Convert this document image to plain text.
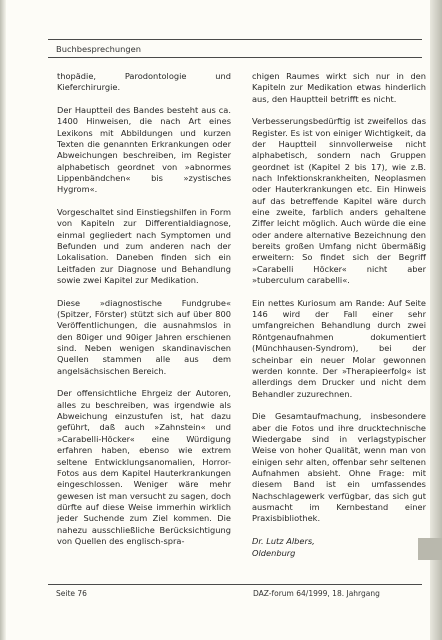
Buchbesprechungen

thopädie, Parodontologie und Kieferchirurgie.

Der Hauptteil des Bandes besteht aus ca. 1400 Hinweisen, die nach Art eines Lexikons mit Abbildungen und kurzen Texten die genannten Erkrankungen oder Abweichungen beschreiben, im Register alphabetisch geordnet von »abnormes Lippenbändchen« bis »zystisches Hygrom«.

Vorgeschaltet sind Einstiegshilfen in Form von Kapiteln zur Differentialdiagnose, einmal gegliedert nach Symptomen und Befunden und zum anderen nach der Lokalisation. Daneben finden sich ein Leitfaden zur Diagnose und Behandlung sowie zwei Kapitel zur Medikation.

Diese »diagnostische Fundgrube« (Spitzer, Förster) stützt sich auf über 800 Veröffentlichungen, die ausnahmslos in den 80iger und 90iger Jahren erschienen sind. Neben wenigen skandinavischen Quellen stammen alle aus dem angelsächsischen Bereich.

Der offensichtliche Ehrgeiz der Autoren, alles zu beschreiben, was irgendwie als Abweichung einzustufen ist, hat dazu geführt, daß auch »Zahnstein« und »Carabelli-Höcker« eine Würdigung erfahren haben, ebenso wie extrem seltene Entwicklungsanomalien, Horror-Fotos aus dem Kapitel Hauterkrankungen eingeschlossen. Weniger wäre mehr gewesen ist man versucht zu sagen, doch dürfte auf diese Weise immerhin wirklich jeder Suchende zum Ziel kommen. Die nahezu ausschließliche Berücksichtigung von Quellen des englisch-spra-

chigen Raumes wirkt sich nur in den Kapiteln zur Medikation etwas hinderlich aus, den Hauptteil betrifft es nicht.

Verbesserungsbedürftig ist zweifellos das Register. Es ist von einiger Wichtigkeit, da der Hauptteil sinnvollerweise nicht alphabetisch, sondern nach Gruppen geordnet ist (Kapitel 2 bis 17), wie z.B. nach Infektionskrankheiten, Neoplasmen oder Hauterkrankungen etc. Ein Hinweis auf das betreffende Kapitel wäre durch eine zweite, farblich anders gehaltene Ziffer leicht möglich. Auch würde die eine oder andere alternative Bezeichnung den bereits großen Umfang nicht übermäßig erweitern: So findet sich der Begriff »Carabelli Höcker« nicht aber »tuberculum carabelli«.

Ein nettes Kuriosum am Rande: Auf Seite 146 wird der Fall einer sehr umfangreichen Behandlung durch zwei Röntgenaufnahmen dokumentiert (Münchhausen-Syndrom), bei der scheinbar ein neuer Molar gewonnen werden konnte. Der »Therapieerfolg« ist allerdings dem Drucker und nicht dem Behandler zuzurechnen.

Die Gesamtaufmachung, insbesondere aber die Fotos und ihre drucktechnische Wiedergabe sind in verlagstypischer Weise von hoher Qualität, wenn man von einigen sehr alten, offenbar sehr seltenen Aufnahmen absieht. Ohne Frage: mit diesem Band ist ein umfassendes Nachschlagewerk verfügbar, das sich gut ausmacht im Kernbestand einer Praxisbibliothek.

Dr. Lutz Albers,
Oldenburg
Seite 76	DAZ-forum 64/1999, 18. Jahrgang
